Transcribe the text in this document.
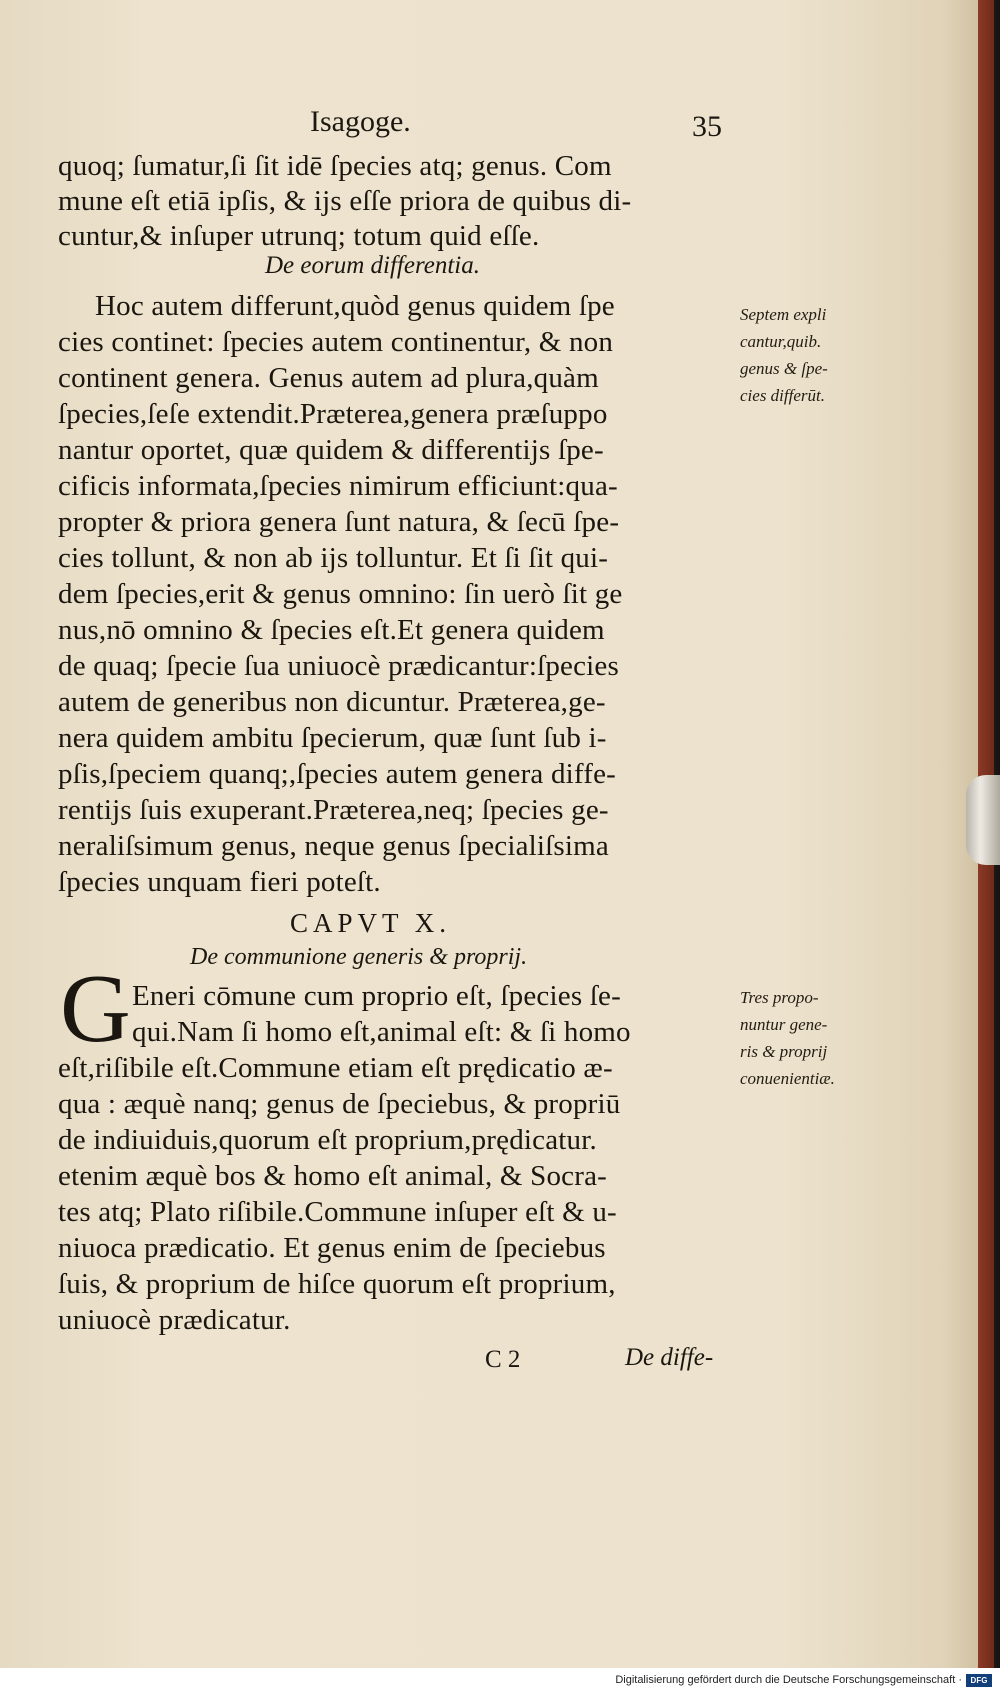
Isagoge.	35

quoq; ſumatur,ſi ſit idē ſpecies atq; genus. Com

mune eſt etiā ipſis, & ijs eſſe priora de quibus di-

cuntur,& inſuper utrunq; totum quid eſſe.

De eorum differentia.

Hoc autem differunt,quòd genus quidem ſpe

cies continet: ſpecies autem continentur, & non

continent genera. Genus autem ad plura,quàm

ſpecies,ſeſe extendit.Præterea,genera præſuppo

nantur oportet, quæ quidem & differentijs ſpe-

cificis informata,ſpecies nimirum efficiunt:qua-

propter & priora genera ſunt natura, & ſecū ſpe-

cies tollunt, & non ab ijs tolluntur. Et ſi ſit qui-

dem ſpecies,erit & genus omnino: ſin uerò ſit ge

nus,nō omnino & ſpecies eſt.Et genera quidem

de quaq; ſpecie ſua uniuocè prædicantur:ſpecies

autem de generibus non dicuntur. Præterea,ge-

nera quidem ambitu ſpecierum, quæ ſunt ſub i-

pſis,ſpeciem quanq;,ſpecies autem genera diffe-

rentijs ſuis exuperant.Præterea,neq; ſpecies ge-

neraliſsimum genus, neque genus ſpecialiſsima

ſpecies unquam fieri poteſt.

CAPVT X.

De communione generis & proprij.

G Eneri cōmune cum proprio eſt, ſpecies ſe-

qui.Nam ſi homo eſt,animal eſt: & ſi homo

eſt,riſibile eſt.Commune etiam eſt prędicatio æ-

qua : æquè nanq; genus de ſpeciebus, & propriū

de indiuiduis,quorum eſt proprium,prędicatur.

etenim æquè bos & homo eſt animal, & Socra-

tes atq; Plato riſibile.Commune inſuper eſt & u-

niuoca prædicatio. Et genus enim de ſpeciebus

ſuis, & proprium de hiſce quorum eſt proprium,

uniuocè prædicatur.

Septem expli

cantur,quib.

genus & ſpe-

cies differūt.

Tres propo-

nuntur gene-

ris & proprij

conuenientiæ.

C 2	De diffe-
Digitalisierung gefördert durch die Deutsche Forschungsgemeinschaft ·	DFG
